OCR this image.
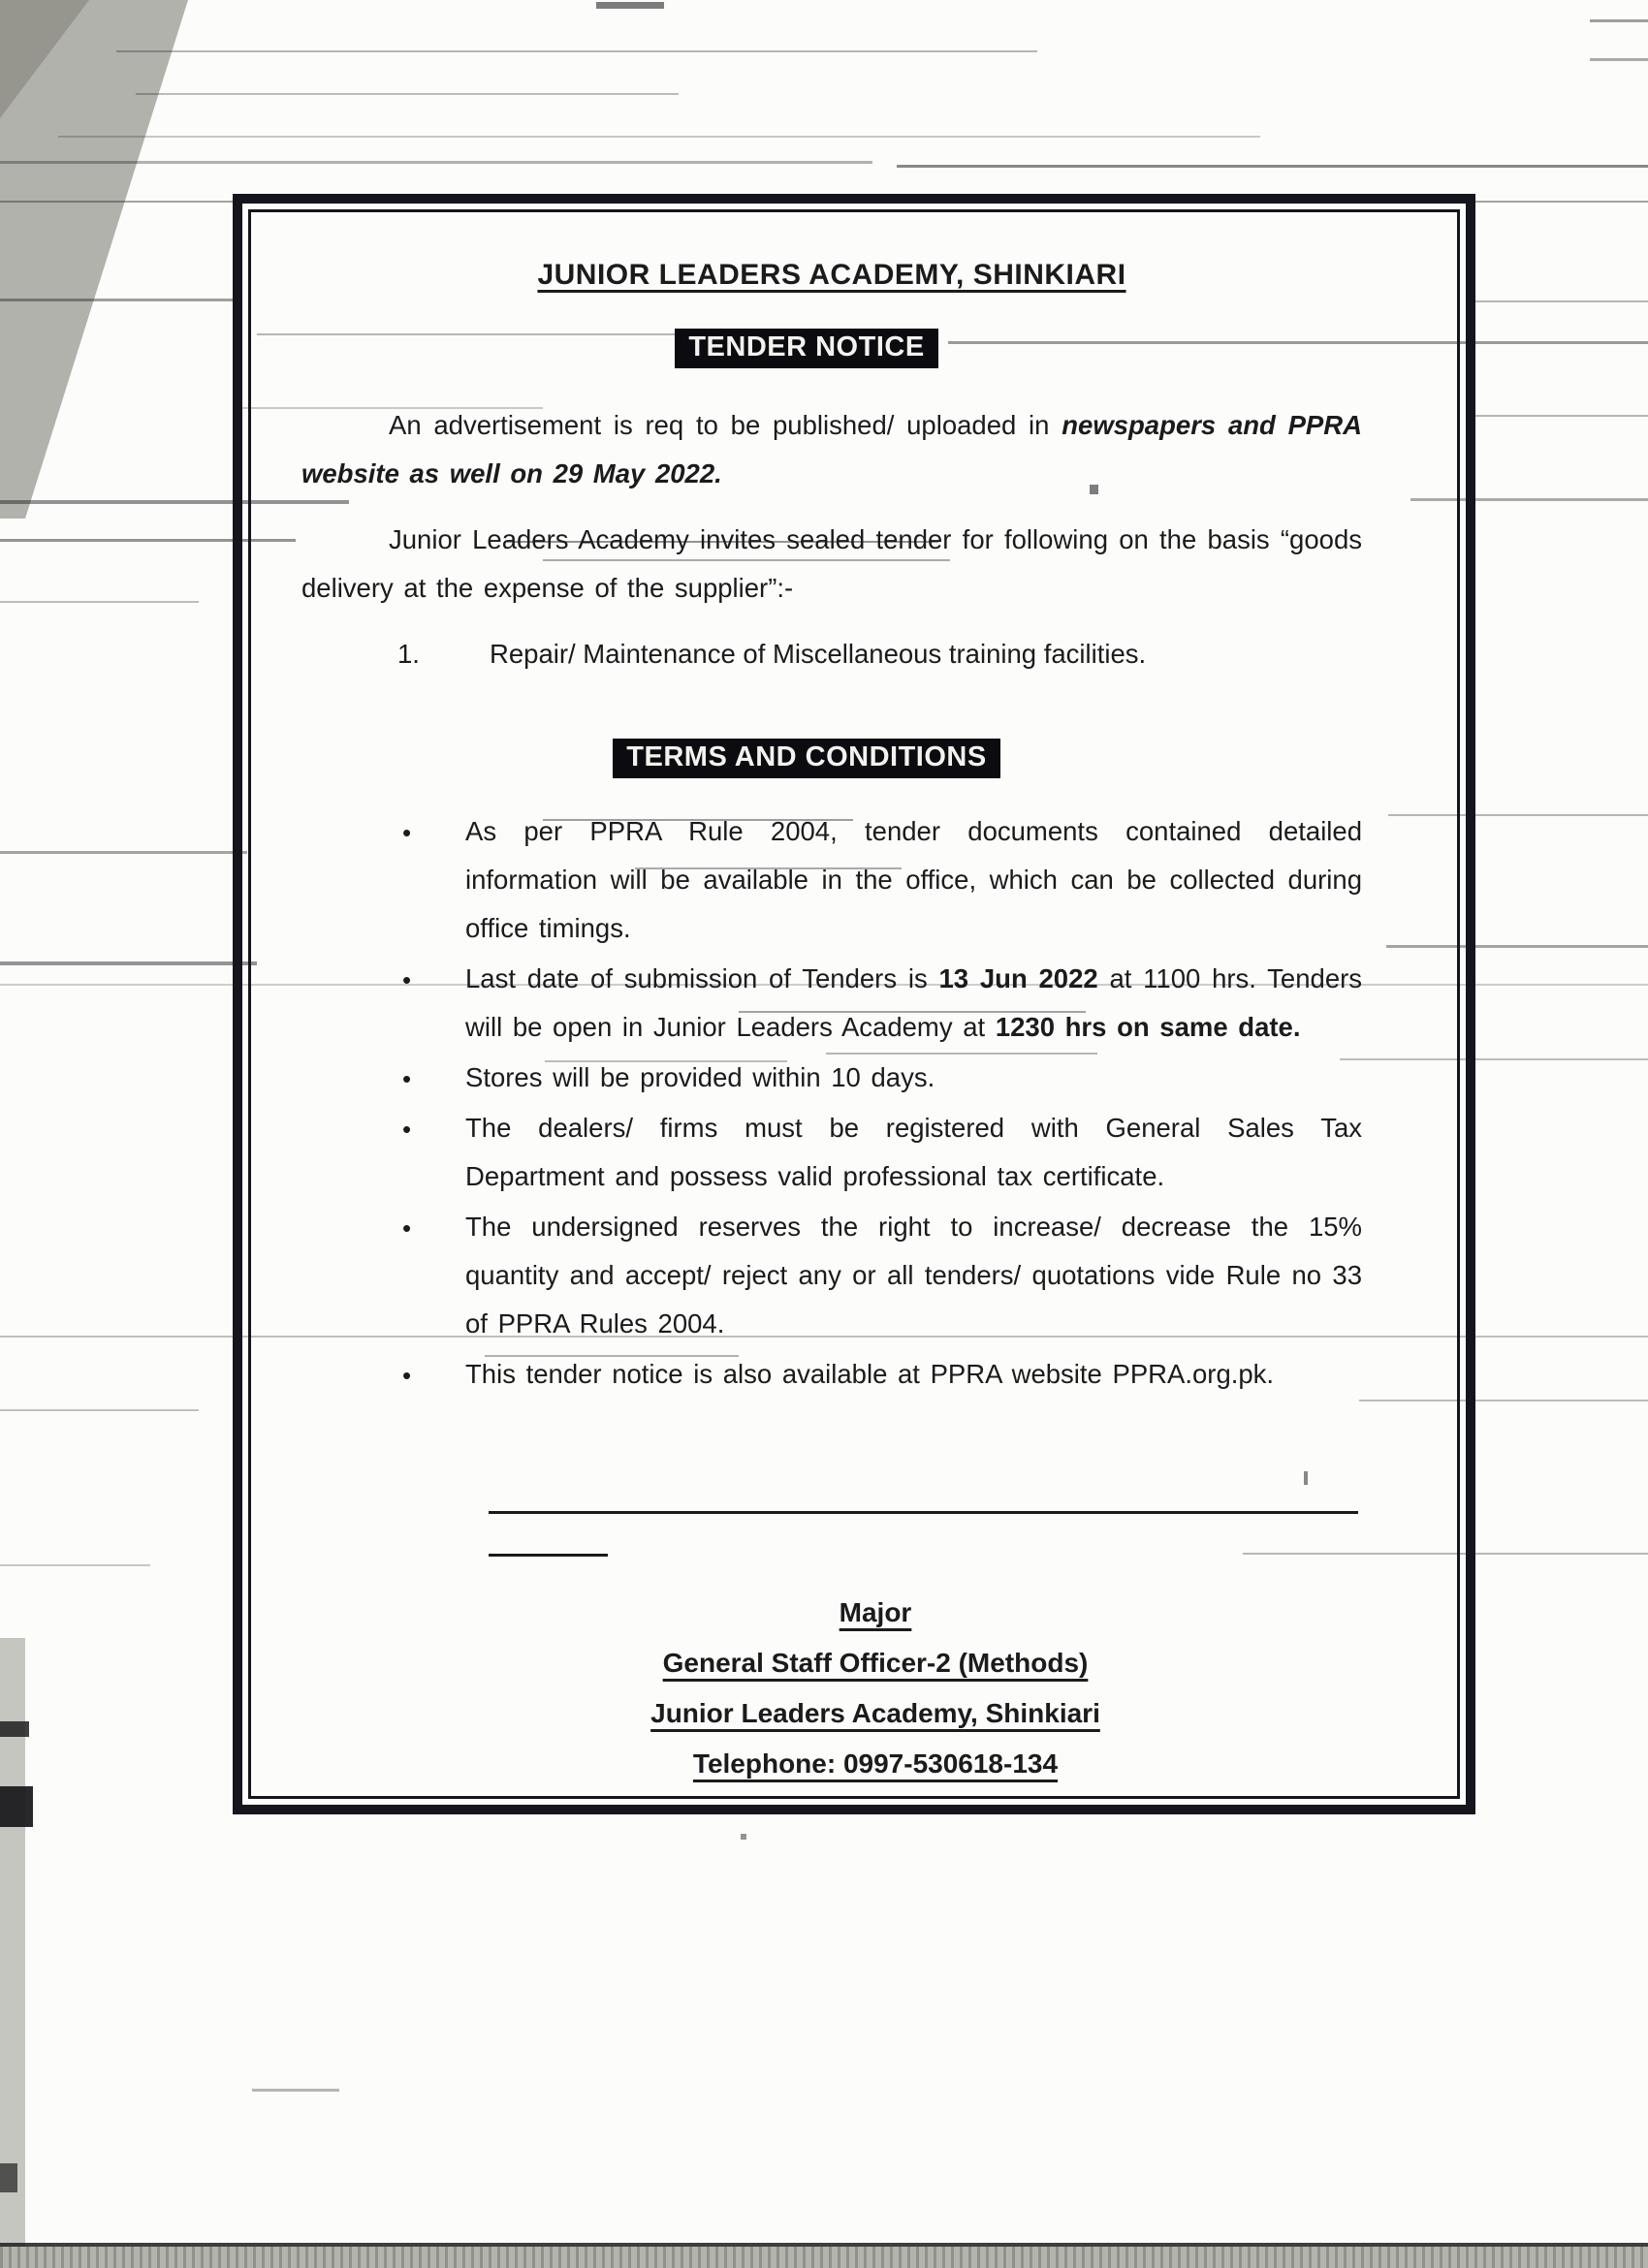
JUNIOR LEADERS ACADEMY, SHINKIARI
TENDER NOTICE

An advertisement is req to be published/ uploaded in newspapers and PPRA website as well on 29 May 2022.

Junior Leaders Academy invites sealed tender for following on the basis “goods delivery at the expense of the supplier”:-

1.	Repair/ Maintenance of Miscellaneous training facilities.
TERMS AND CONDITIONS
• As per PPRA Rule 2004, tender documents contained detailed information will be available in the office, which can be collected during office timings.
• Last date of submission of Tenders is 13 Jun 2022 at 1100 hrs. Tenders will be open in Junior Leaders Academy at 1230 hrs on same date.
• Stores will be provided within 10 days.
• The dealers/ firms must be registered with General Sales Tax Department and possess valid professional tax certificate.
• The undersigned reserves the right to increase/ decrease the 15% quantity and accept/ reject any or all tenders/ quotations vide Rule no 33 of PPRA Rules 2004.
• This tender notice is also available at PPRA website PPRA.org.pk.
Major
General Staff Officer-2 (Methods)
Junior Leaders Academy, Shinkiari
Telephone: 0997-530618-134
